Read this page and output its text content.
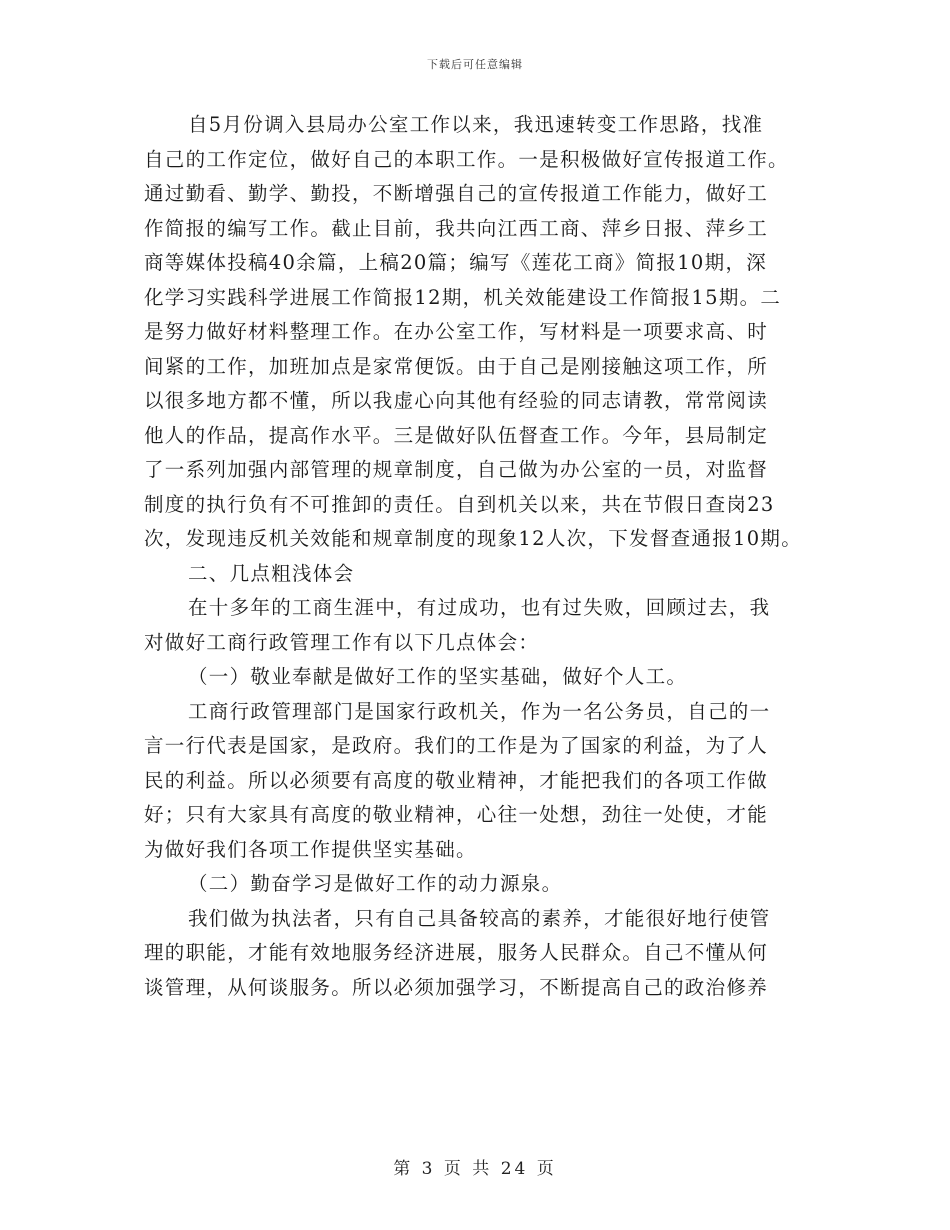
下载后可任意编辑
自5月份调入县局办公室工作以来，我迅速转变工作思路，找准
自己的工作定位，做好自己的本职工作。一是积极做好宣传报道工作。
通过勤看、勤学、勤投，不断增强自己的宣传报道工作能力，做好工
作简报的编写工作。截止目前，我共向江西工商、萍乡日报、萍乡工
商等媒体投稿40余篇，上稿20篇；编写《莲花工商》简报10期，深
化学习实践科学进展工作简报12期，机关效能建设工作简报15期。二
是努力做好材料整理工作。在办公室工作，写材料是一项要求高、时
间紧的工作，加班加点是家常便饭。由于自己是刚接触这项工作，所
以很多地方都不懂，所以我虚心向其他有经验的同志请教，常常阅读
他人的作品，提高作水平。三是做好队伍督查工作。今年，县局制定
了一系列加强内部管理的规章制度，自己做为办公室的一员，对监督
制度的执行负有不可推卸的责任。自到机关以来，共在节假日查岗23
次，发现违反机关效能和规章制度的现象12人次，下发督查通报10期。
二、几点粗浅体会
在十多年的工商生涯中，有过成功，也有过失败，回顾过去，我
对做好工商行政管理工作有以下几点体会：
（一）敬业奉献是做好工作的坚实基础，做好个人工。
工商行政管理部门是国家行政机关，作为一名公务员，自己的一
言一行代表是国家，是政府。我们的工作是为了国家的利益，为了人
民的利益。所以必须要有高度的敬业精神，才能把我们的各项工作做
好；只有大家具有高度的敬业精神，心往一处想，劲往一处使，才能
为做好我们各项工作提供坚实基础。
（二）勤奋学习是做好工作的动力源泉。
我们做为执法者，只有自己具备较高的素养，才能很好地行使管
理的职能，才能有效地服务经济进展，服务人民群众。自己不懂从何
谈管理，从何谈服务。所以必须加强学习，不断提高自己的政治修养
第 3 页 共 24 页
